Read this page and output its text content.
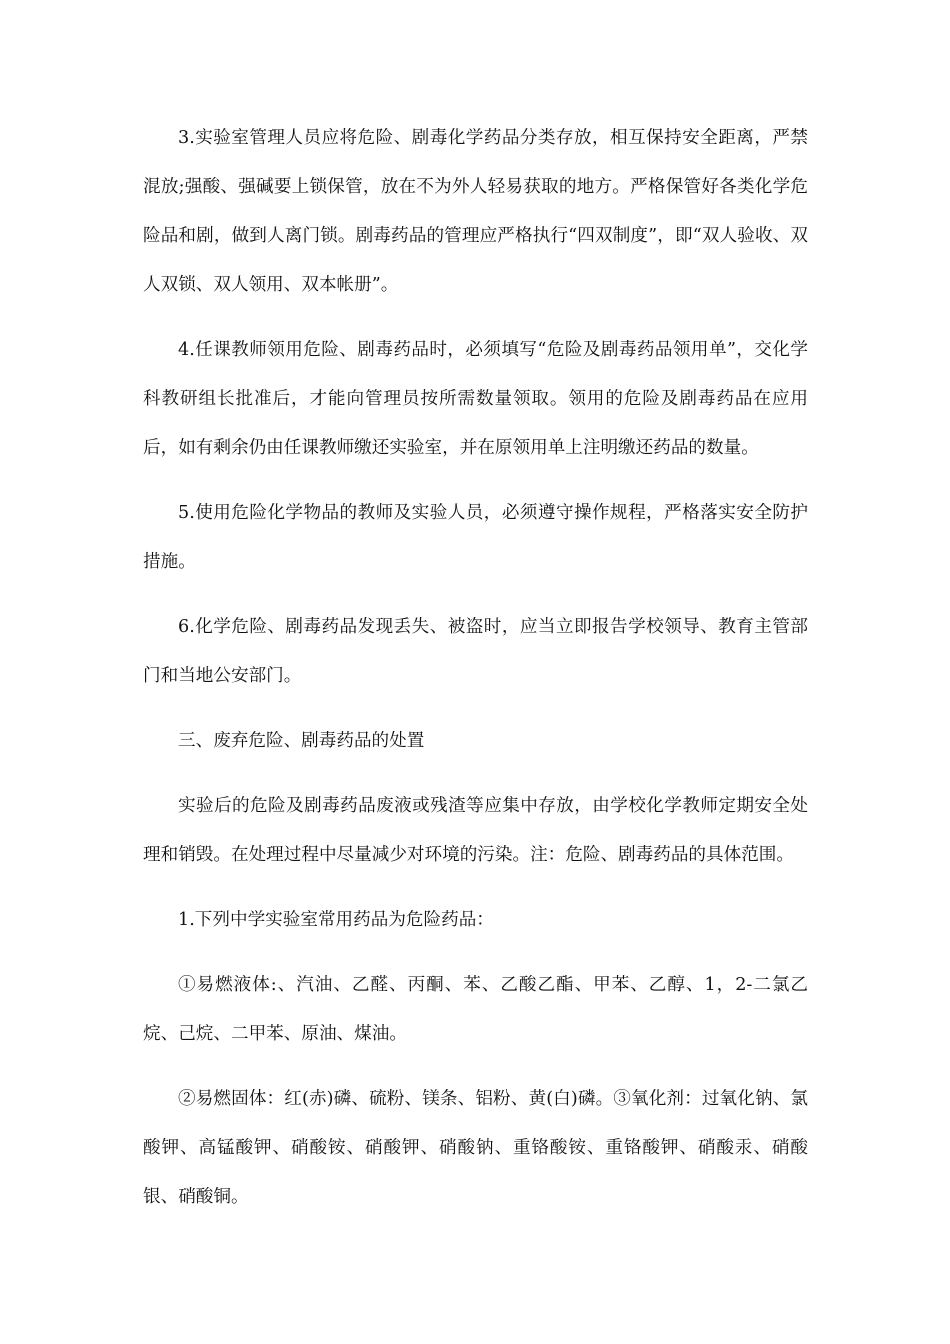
3.实验室管理人员应将危险、剧毒化学药品分类存放，相互保持安全距离，严禁混放;强酸、强碱要上锁保管，放在不为外人轻易获取的地方。严格保管好各类化学危险品和剧，做到人离门锁。剧毒药品的管理应严格执行“四双制度”，即“双人验收、双人双锁、双人领用、双本帐册”。

4.任课教师领用危险、剧毒药品时，必须填写“危险及剧毒药品领用单”，交化学科教研组长批准后，才能向管理员按所需数量领取。领用的危险及剧毒药品在应用后，如有剩余仍由任课教师缴还实验室，并在原领用单上注明缴还药品的数量。

5.使用危险化学物品的教师及实验人员，必须遵守操作规程，严格落实安全防护措施。

6.化学危险、剧毒药品发现丢失、被盗时，应当立即报告学校领导、教育主管部门和当地公安部门。

三、废弃危险、剧毒药品的处置

实验后的危险及剧毒药品废液或残渣等应集中存放，由学校化学教师定期安全处理和销毁。在处理过程中尽量减少对环境的污染。注：危险、剧毒药品的具体范围。

1.下列中学实验室常用药品为危险药品：

①易燃液体:、汽油、乙醛、丙酮、苯、乙酸乙酯、甲苯、乙醇、1，2-二氯乙烷、己烷、二甲苯、原油、煤油。

②易燃固体：红(赤)磷、硫粉、镁条、铝粉、黄(白)磷。③氧化剂：过氧化钠、氯酸钾、高锰酸钾、硝酸铵、硝酸钾、硝酸钠、重铬酸铵、重铬酸钾、硝酸汞、硝酸银、硝酸铜。
